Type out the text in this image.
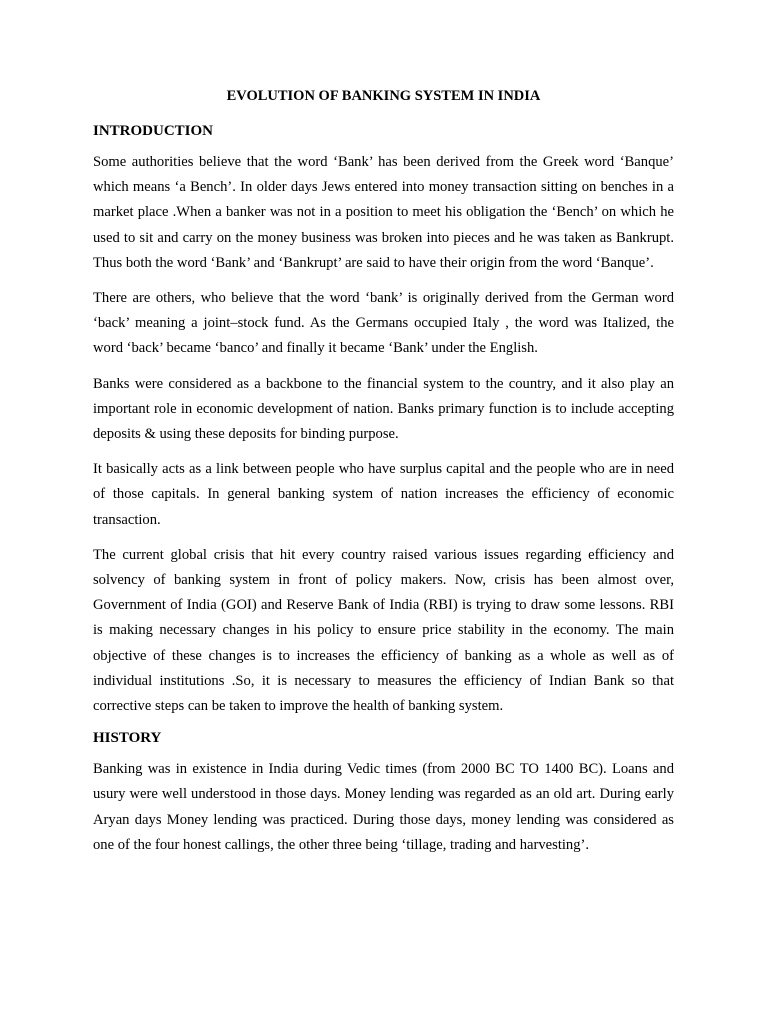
EVOLUTION OF BANKING SYSTEM IN INDIA
INTRODUCTION

Some authorities believe that the word ‘Bank’ has been derived from the Greek word ‘Banque’ which means ‘a Bench’. In older days Jews entered into money transaction sitting on benches in a market place .When a banker was not in a position to meet his obligation the ‘Bench’ on which he used to sit and carry on the money business was broken into pieces and he was taken as Bankrupt. Thus both the word ‘Bank’ and ‘Bankrupt’ are said to have their origin from the word ‘Banque’.

There are others, who believe that the word ‘bank’ is originally derived from the German word ‘back’ meaning a joint–stock fund. As the Germans occupied Italy , the word was Italized, the word ‘back’ became ‘banco’ and finally it became ‘Bank’ under the English.

Banks were considered as a backbone to the financial system to the country, and it also play an important role in economic development of nation. Banks primary function is to include accepting deposits & using these deposits for binding purpose.

It basically acts as a link between people who have surplus capital and the people who are in need of those capitals. In general banking system of nation increases the efficiency of economic transaction.

The current global crisis that hit every country raised various issues regarding efficiency and solvency of banking system in front of policy makers. Now, crisis has been almost over, Government of India (GOI) and Reserve Bank of India (RBI) is trying to draw some lessons. RBI is making necessary changes in his policy to ensure price stability in the economy. The main objective of these changes is to increases the efficiency of banking as a whole as well as of individual institutions .So, it is necessary to measures the efficiency of Indian Bank so that corrective steps can be taken to improve the health of banking system.

HISTORY

Banking was in existence in India during Vedic times (from 2000 BC TO 1400 BC). Loans and usury were well understood in those days. Money lending was regarded as an old art. During early Aryan days Money lending was practiced. During those days, money lending was considered as one of the four honest callings, the other three being ‘tillage, trading and harvesting’.
